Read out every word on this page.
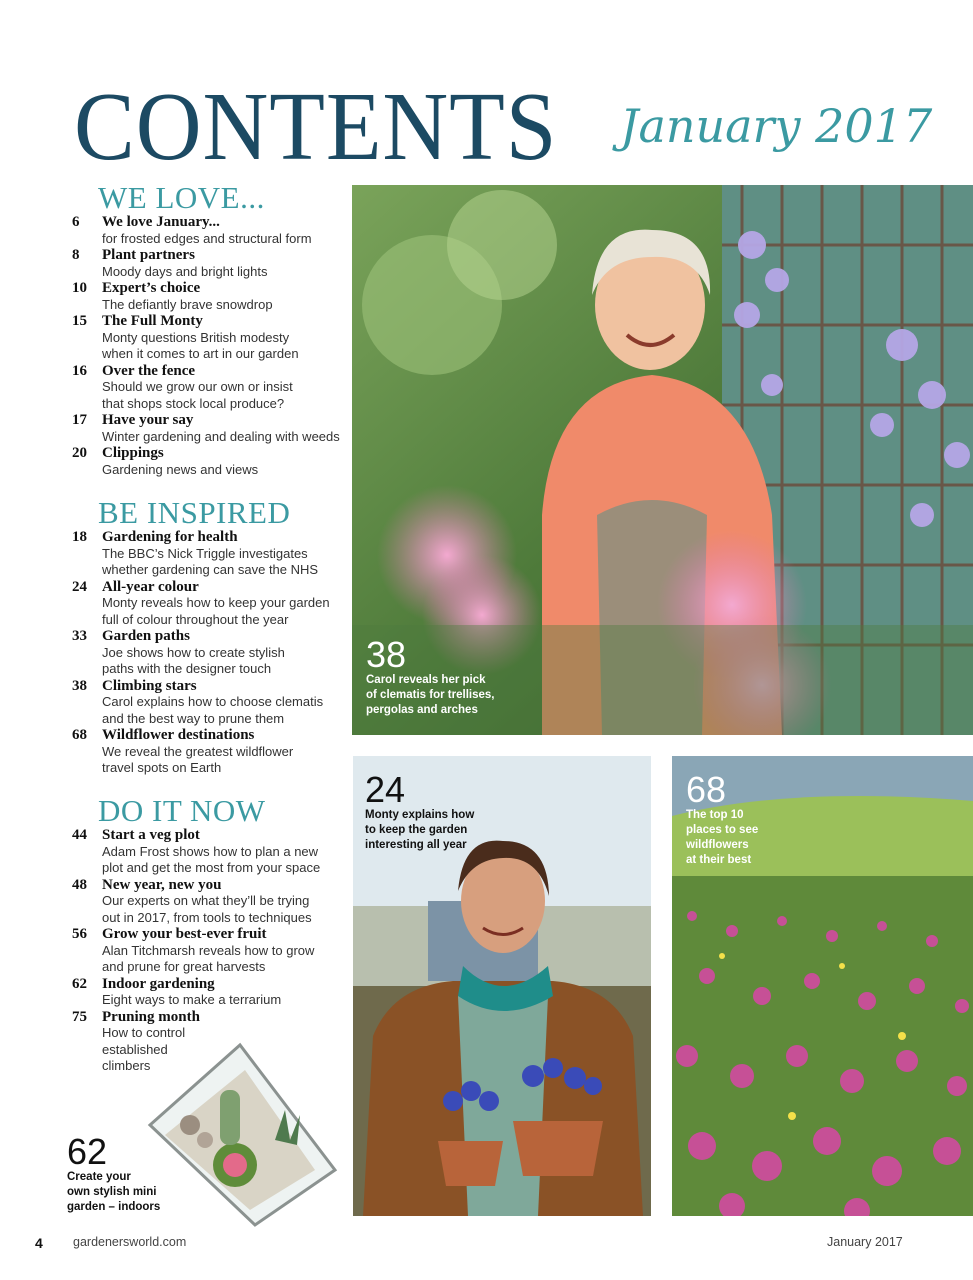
CONTENTS January 2017
WE LOVE...
6	We love January...
for frosted edges and structural form
8	Plant partners
Moody days and bright lights
10	Expert’s choice
The defiantly brave snowdrop
15	The Full Monty
Monty questions British modesty
when it comes to art in our garden
16	Over the fence
Should we grow our own or insist
that shops stock local produce?
17	Have your say
Winter gardening and dealing with weeds
20	Clippings
Gardening news and views
BE INSPIRED
18	Gardening for health
The BBC’s Nick Triggle investigates
whether gardening can save the NHS
24	All-year colour
Monty reveals how to keep your garden
full of colour throughout the year
33	Garden paths
Joe shows how to create stylish
paths with the designer touch
38	Climbing stars
Carol explains how to choose clematis
and the best way to prune them
68	Wildflower destinations
We reveal the greatest wildflower
travel spots on Earth
DO IT NOW
44	Start a veg plot
Adam Frost shows how to plan a new
plot and get the most from your space
48	New year, new you
Our experts on what they’ll be trying
out in 2017, from tools to techniques
56	Grow your best-ever fruit
Alan Titchmarsh reveals how to grow
and prune for great harvests
62	Indoor gardening
Eight ways to make a terrarium
75	Pruning month
How to control
established
climbers
38
Carol reveals her pick
of clematis for trellises,
pergolas and arches
24
Monty explains how
to keep the garden
interesting all year
68
The top 10
places to see
wildflowers
at their best
62
Create your
own stylish mini
garden – indoors
4 gardenersworld.com	January 2017
